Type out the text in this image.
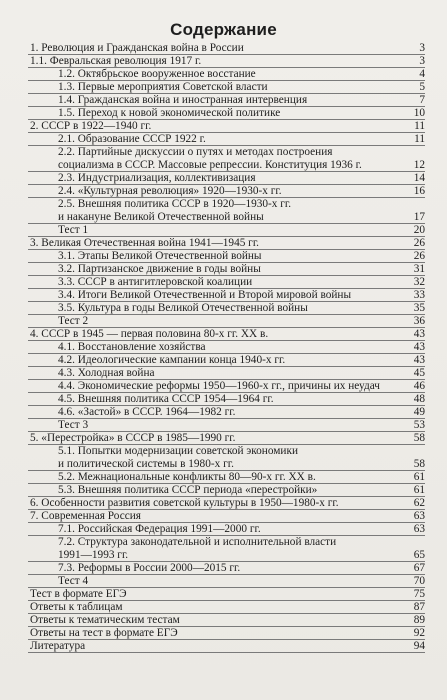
Содержание
1. Революция и Гражданская война в России	3
1.1. Февральская революция 1917 г.	3
1.2. Октябрьское вооруженное восстание	4
1.3. Первые мероприятия Советской власти	5
1.4. Гражданская война и иностранная интервенция	7
1.5. Переход к новой экономической политике	10
2. СССР в 1922—1940 гг.	11
2.1. Образование СССР 1922 г.	11
2.2. Партийные дискуссии о путях и методах построения
социализма в СССР. Массовые репрессии. Конституция 1936 г.	12
2.3. Индустриализация, коллективизация	14
2.4. «Культурная революция» 1920—1930-х гг.	16
2.5. Внешняя политика СССР в 1920—1930-х гг.
и накануне Великой Отечественной войны	17
Тест 1	20
3. Великая Отечественная война 1941—1945 гг.	26
3.1. Этапы Великой Отечественной войны	26
3.2. Партизанское движение в годы войны	31
3.3. СССР в антигитлеровской коалиции	32
3.4. Итоги Великой Отечественной и Второй мировой войны	33
3.5. Культура в годы Великой Отечественной войны	35
Тест 2	36
4. СССР в 1945 — первая половина 80-х гг. XX в.	43
4.1. Восстановление хозяйства	43
4.2. Идеологические кампании конца 1940-х гг.	43
4.3. Холодная война	45
4.4. Экономические реформы 1950—1960-х гг., причины их неудач	46
4.5. Внешняя политика СССР 1954—1964 гг.	48
4.6. «Застой» в СССР. 1964—1982 гг.	49
Тест 3	53
5. «Перестройка» в СССР в 1985—1990 гг.	58
5.1. Попытки модернизации советской экономики
и политической системы в 1980-х гг.	58
5.2. Межнациональные конфликты 80—90-х гг. XX в.	61
5.3. Внешняя политика СССР периода «перестройки»	61
6. Особенности развития советской культуры в 1950—1980-х гг.	62
7. Современная Россия	63
7.1. Российская Федерация 1991—2000 гг.	63
7.2. Структура законодательной и исполнительной власти
1991—1993 гг.	65
7.3. Реформы в России 2000—2015 гг.	67
Тест 4	70
Тест в формате ЕГЭ	75
Ответы к таблицам	87
Ответы к тематическим тестам	89
Ответы на тест в формате ЕГЭ	92
Литература	94
